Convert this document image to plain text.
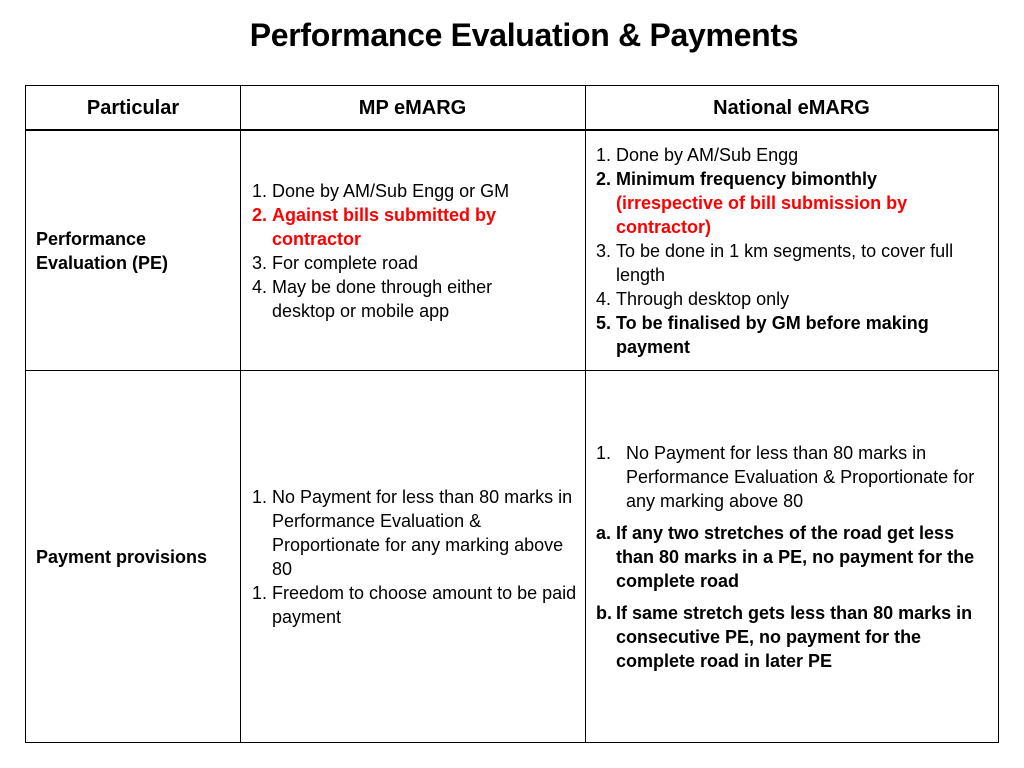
Performance Evaluation & Payments
Particular	MP eMARG	National eMARG
Performance Evaluation (PE)
1. Done by AM/Sub Engg or GM
2. Against bills submitted by contractor
3. For complete road
4. May be done through either desktop or mobile app
1. Done by AM/Sub Engg
2. Minimum frequency bimonthly
(irrespective of bill submission by contractor)
3. To be done in 1 km segments, to cover full length
4. Through desktop only
5. To be finalised by GM before making payment
Payment provisions
1. No Payment for less than 80 marks in Performance Evaluation & Proportionate for any marking above 80
1. Freedom to choose amount to be paid payment
1. No Payment for less than 80 marks in Performance Evaluation & Proportionate for any marking above 80
a. If any two stretches of the road get less than 80 marks in a PE, no payment for the complete road
b. If same stretch gets less than 80 marks in consecutive PE, no payment for the complete road in later PE
